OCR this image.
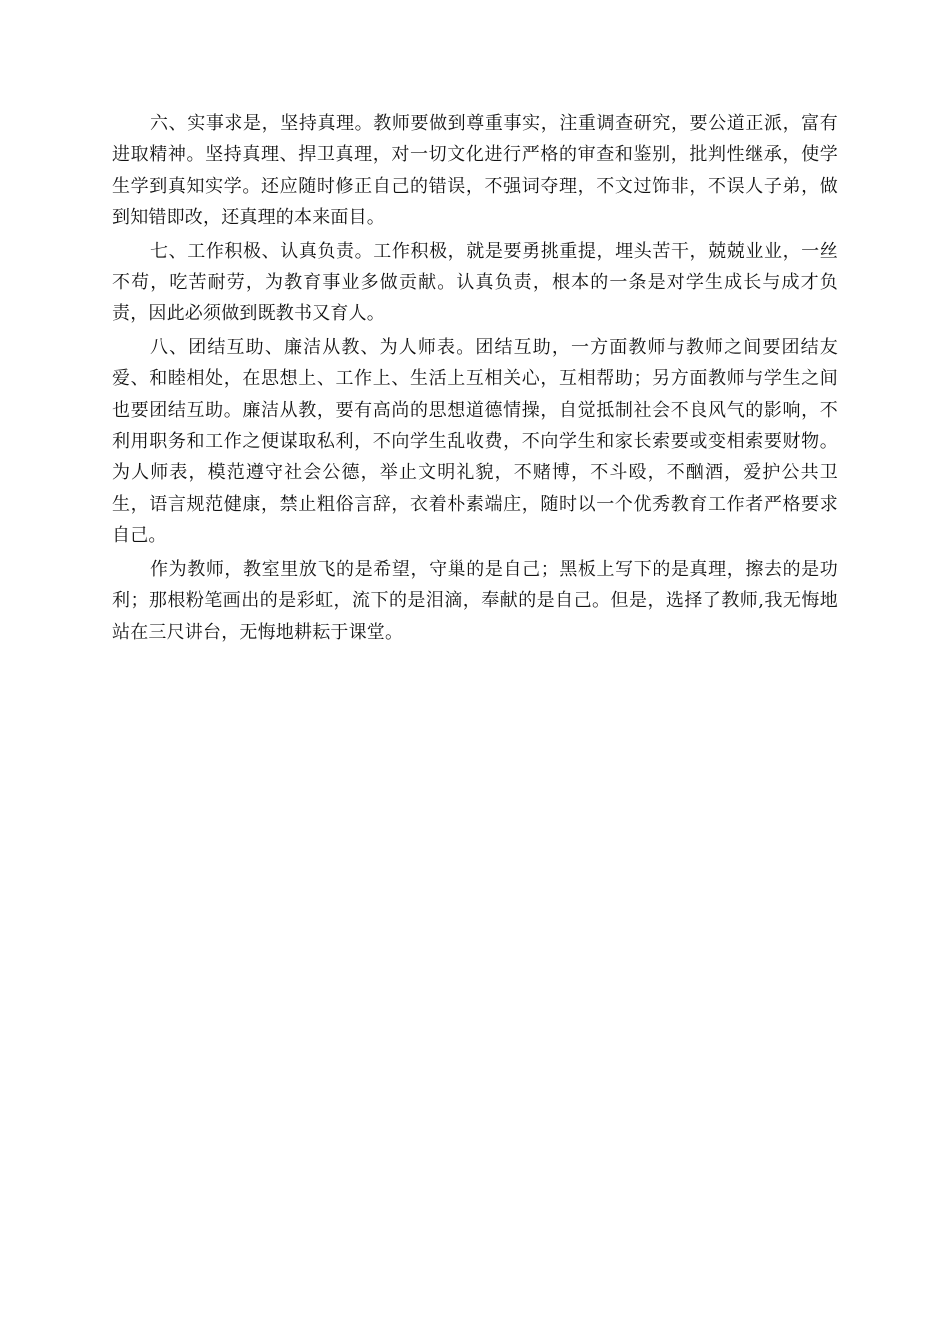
六、实事求是，坚持真理。教师要做到尊重事实，注重调查研究，要公道正派，富有进取精神。坚持真理、捍卫真理，对一切文化进行严格的审查和鉴别，批判性继承，使学生学到真知实学。还应随时修正自己的错误，不强词夺理，不文过饰非，不误人子弟，做到知错即改，还真理的本来面目。

七、工作积极、认真负责。工作积极，就是要勇挑重提，埋头苦干，兢兢业业，一丝不苟，吃苦耐劳，为教育事业多做贡献。认真负责，根本的一条是对学生成长与成才负责，因此必须做到既教书又育人。

八、团结互助、廉洁从教、为人师表。团结互助，一方面教师与教师之间要团结友爱、和睦相处，在思想上、工作上、生活上互相关心，互相帮助；另方面教师与学生之间也要团结互助。廉洁从教，要有高尚的思想道德情操，自觉抵制社会不良风气的影响，不利用职务和工作之便谋取私利，不向学生乱收费，不向学生和家长索要或变相索要财物。为人师表，模范遵守社会公德，举止文明礼貌，不赌博，不斗殴，不酗酒，爱护公共卫生，语言规范健康，禁止粗俗言辞，衣着朴素端庄，随时以一个优秀教育工作者严格要求自己。

作为教师，教室里放飞的是希望，守巢的是自己；黑板上写下的是真理，擦去的是功利；那根粉笔画出的是彩虹，流下的是泪滴，奉献的是自己。但是，选择了教师,我无悔地站在三尺讲台，无悔地耕耘于课堂。
